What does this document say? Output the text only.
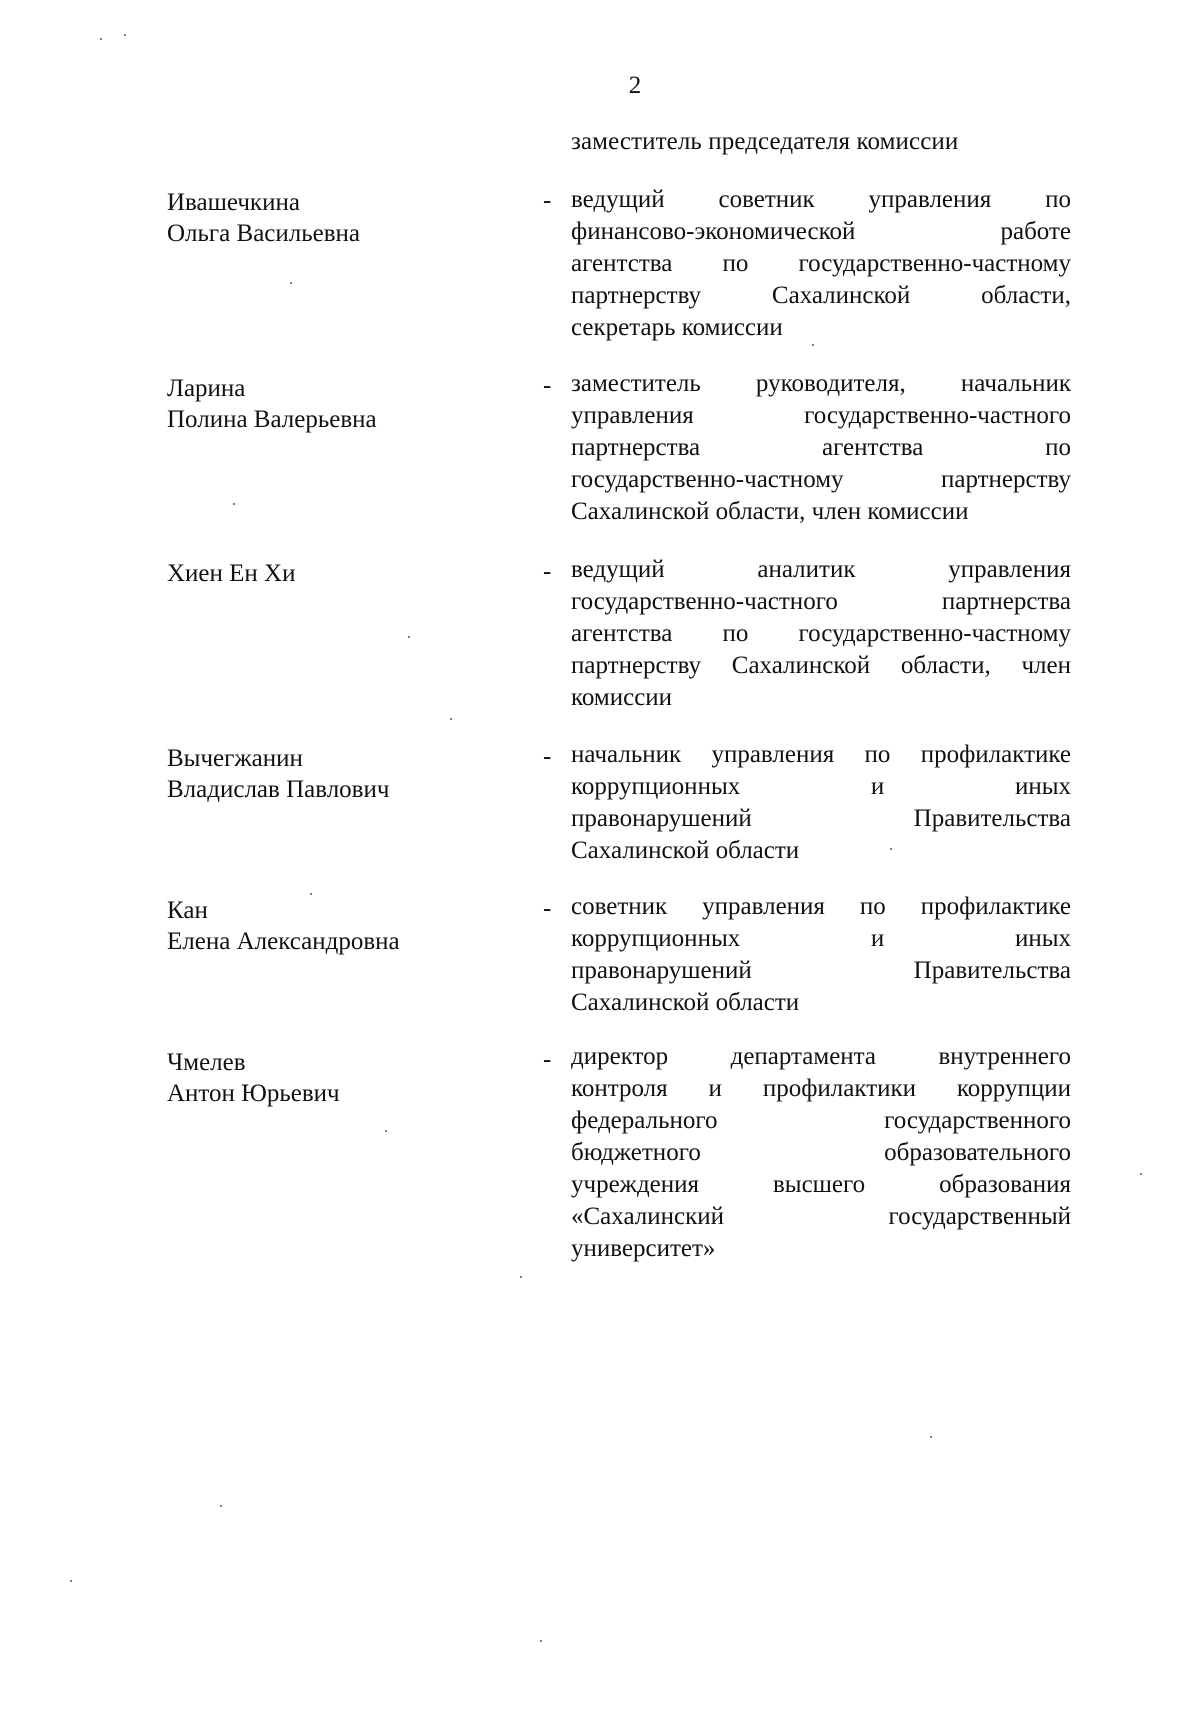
2
заместитель председателя комиссии
Ивашечкина
Ольга Васильевна
- ведущий советник управления по
финансово-экономической работе
агентства по государственно-частному
партнерству Сахалинской области,
секретарь комиссии
Ларина
Полина Валерьевна
- заместитель руководителя, начальник
управления государственно-частного
партнерства агентства по
государственно-частному партнерству
Сахалинской области, член комиссии
Хиен Ен Хи	- ведущий аналитик управления
государственно-частного партнерства
агентства по государственно-частному
партнерству Сахалинской области, член
комиссии
Вычегжанин
Владислав Павлович
- начальник управления по профилактике
коррупционных и иных
правонарушений Правительства
Сахалинской области
Кан
Елена Александровна
- советник управления по профилактике
коррупционных и иных
правонарушений Правительства
Сахалинской области
Чмелев
Антон Юрьевич
- директор департамента внутреннего
контроля и профилактики коррупции
федерального государственного
бюджетного образовательного
учреждения высшего образования
«Сахалинский государственный
университет»
